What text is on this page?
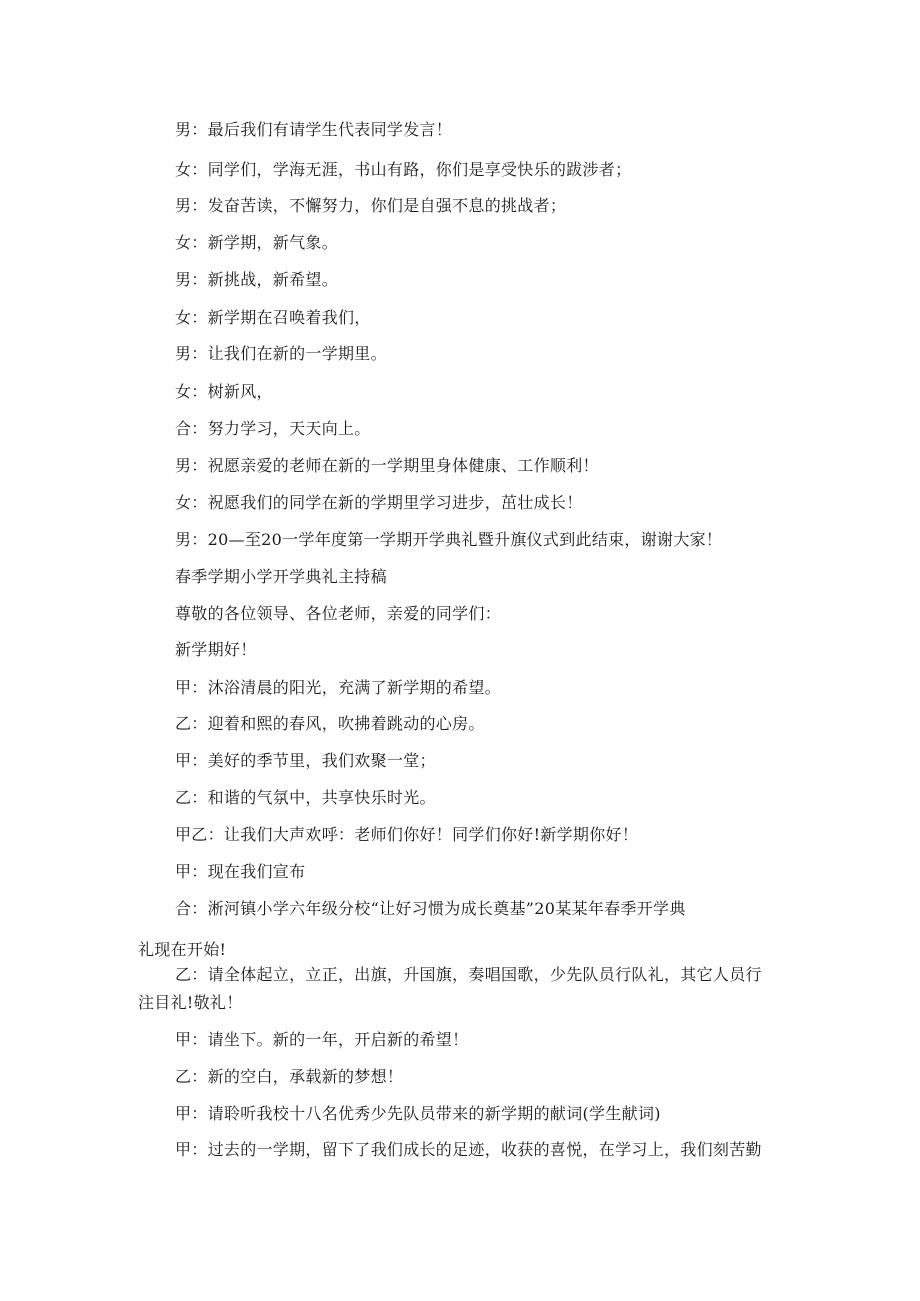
男：最后我们有请学生代表同学发言！
女：同学们，学海无涯，书山有路，你们是享受快乐的跋涉者；
男：发奋苦读，不懈努力，你们是自强不息的挑战者；
女：新学期，新气象。
男：新挑战，新希望。
女：新学期在召唤着我们，
男：让我们在新的一学期里。
女：树新风，
合：努力学习，天天向上。
男：祝愿亲爱的老师在新的一学期里身体健康、工作顺利！
女：祝愿我们的同学在新的学期里学习进步，茁壮成长！
男：20—至20一学年度第一学期开学典礼暨升旗仪式到此结束，谢谢大家！
春季学期小学开学典礼主持稿
尊敬的各位领导、各位老师，亲爱的同学们：
新学期好！
甲：沐浴清晨的阳光，充满了新学期的希望。
乙：迎着和熙的春风，吹拂着跳动的心房。
甲：美好的季节里，我们欢聚一堂；
乙：和谐的气氛中，共享快乐时光。
甲乙：让我们大声欢呼：老师们你好！同学们你好!新学期你好！
甲：现在我们宣布
合：淅河镇小学六年级分校“让好习惯为成长奠基”20某某年春季开学典
礼现在开始!
乙：请全体起立，立正，出旗，升国旗，奏唱国歌，少先队员行队礼，其它人员行注目礼!敬礼！
甲：请坐下。新的一年，开启新的希望！
乙：新的空白，承载新的梦想！
甲：请聆听我校十八名优秀少先队员带来的新学期的献词(学生献词)
甲：过去的一学期，留下了我们成长的足迹，收获的喜悦，在学习上，我们刻苦勤
